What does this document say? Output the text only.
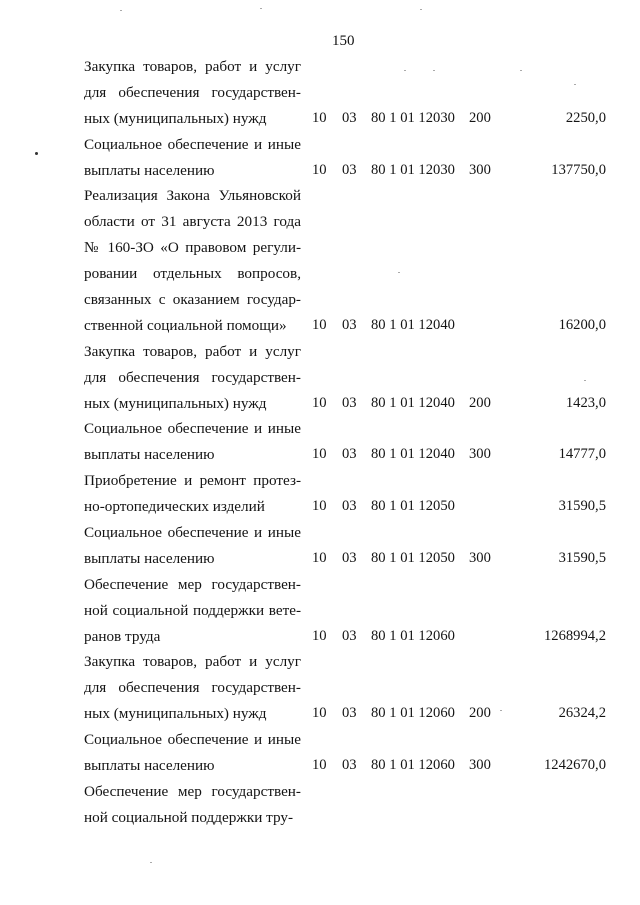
150
Закупка товаров, работ и услуг
для обеспечения государствен-
ных (муниципальных) нужд	10 03 80 1 01 12030 200	2250,0
Социальное обеспечение и иные
выплаты населению	10 03 80 1 01 12030 300	137750,0
Реализация Закона Ульяновской
области от 31 августа 2013 года
№ 160-ЗО «О правовом регули-
ровании отдельных вопросов,
связанных с оказанием государ-
ственной социальной помощи»	10 03 80 1 01 12040	16200,0
Закупка товаров, работ и услуг
для обеспечения государствен-
ных (муниципальных) нужд	10 03 80 1 01 12040 200	1423,0
Социальное обеспечение и иные
выплаты населению	10 03 80 1 01 12040 300	14777,0
Приобретение и ремонт протез-
но-ортопедических изделий	10 03 80 1 01 12050	31590,5
Социальное обеспечение и иные
выплаты населению	10 03 80 1 01 12050 300	31590,5
Обеспечение мер государствен-
ной социальной поддержки вете-
ранов труда	10 03 80 1 01 12060	1268994,2
Закупка товаров, работ и услуг
для обеспечения государствен-
ных (муниципальных) нужд	10 03 80 1 01 12060 200	26324,2
Социальное обеспечение и иные
выплаты населению	10 03 80 1 01 12060 300	1242670,0
Обеспечение мер государствен-
ной социальной поддержки тру-
